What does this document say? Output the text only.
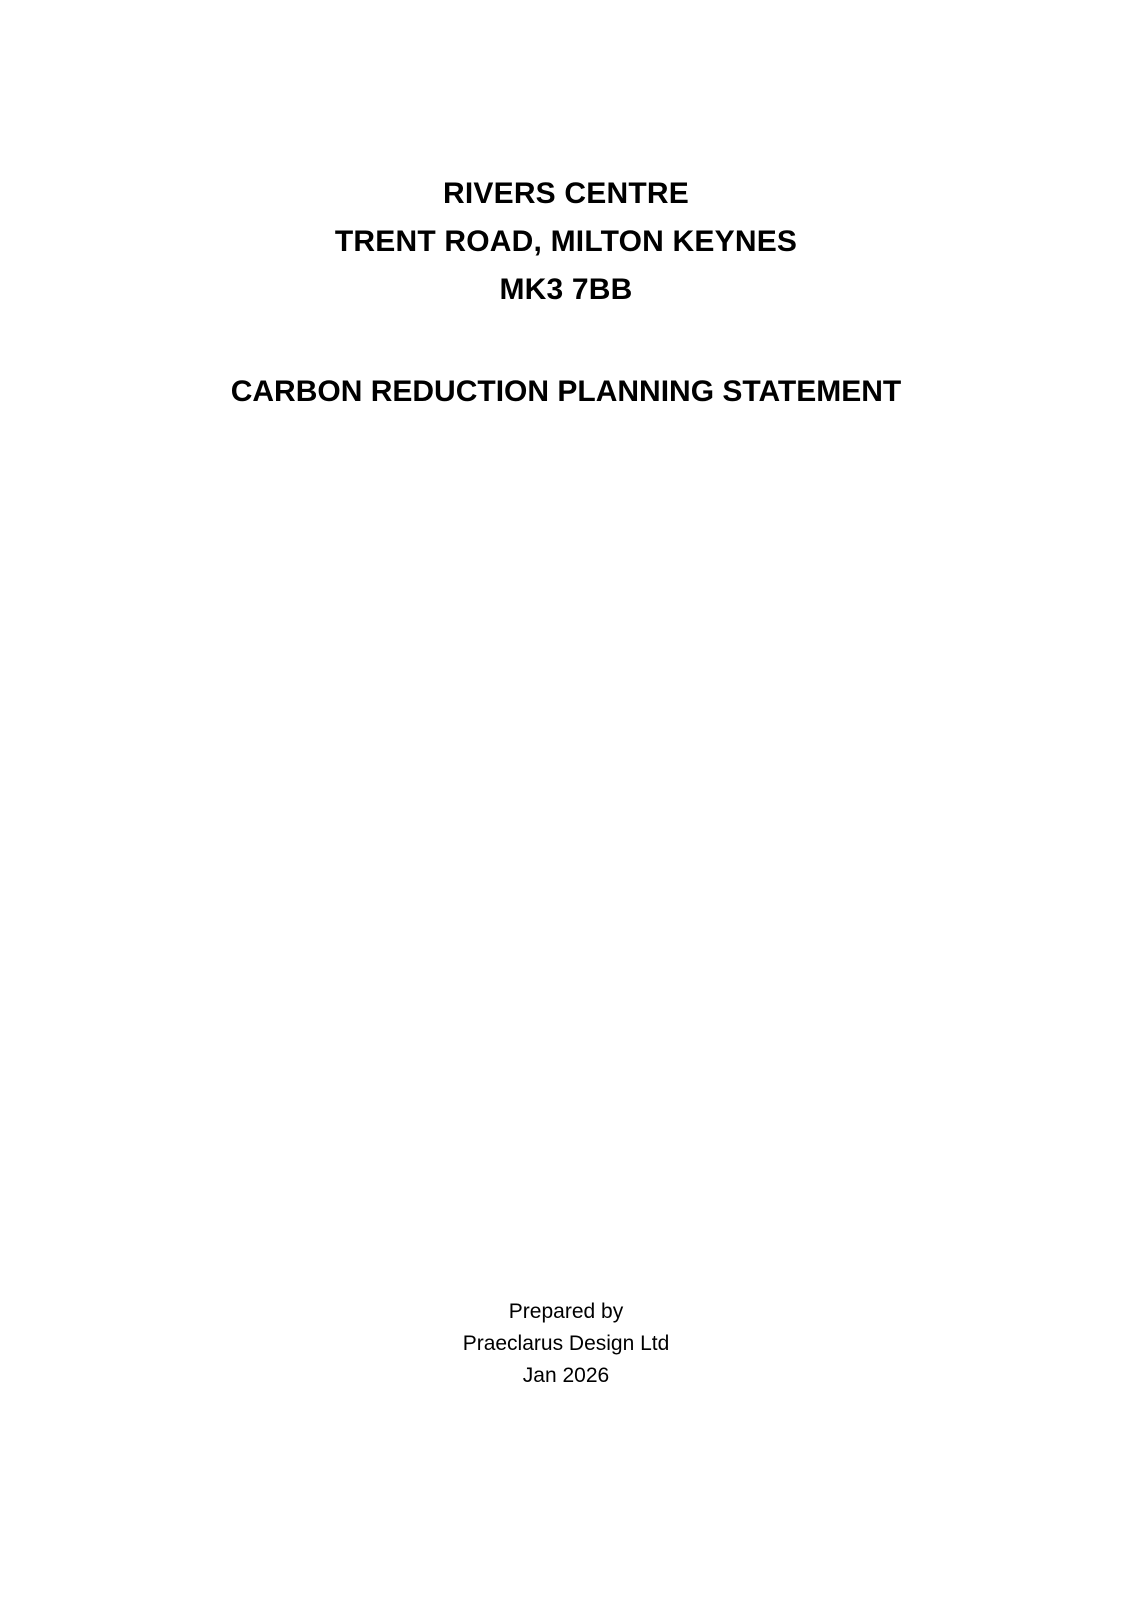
RIVERS CENTRE
TRENT ROAD, MILTON KEYNES
MK3 7BB
CARBON REDUCTION PLANNING STATEMENT
Prepared by
Praeclarus Design Ltd
Jan 2026
